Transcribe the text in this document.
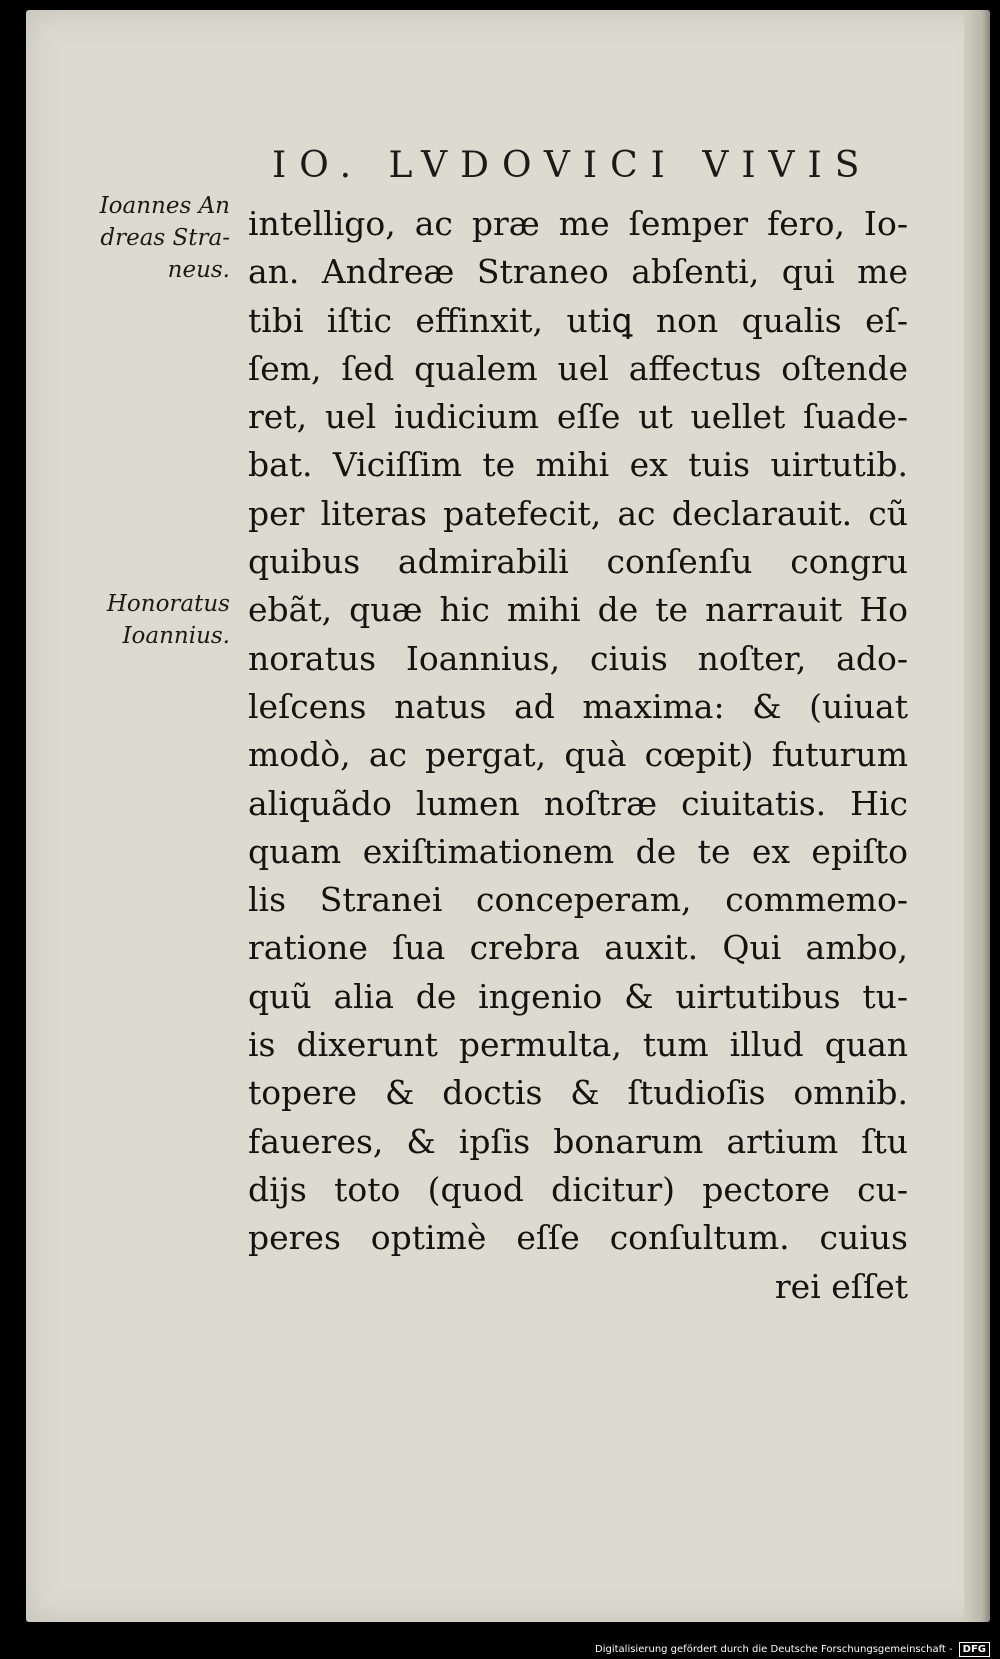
IO. LVDOVICI VIVIS
Ioannes An
dreas Stra-
neus.
Honoratus
Ioannius.
intelligo, ac præ me ſemper fero, Io-
an. Andreæ Straneo abſenti, qui me
tibi iſtic effinxit, utiꝗ non qualis eſ-
ſem, ſed qualem uel affectus oſtende
ret, uel iudicium eſſe ut uellet ſuade-
bat. Viciſſim te mihi ex tuis uirtutib.
per literas patefecit, ac declarauit. cũ
quibus admirabili conſenſu congru
ebãt, quæ hic mihi de te narrauit Ho
noratus Ioannius, ciuis noſter, ado-
leſcens natus ad maxima: & (uiuat
modò, ac pergat, quà cœpit) futurum
aliquãdo lumen noſtræ ciuitatis. Hic
quam exiſtimationem de te ex epiſto
lis Stranei conceperam, commemo-
ratione ſua crebra auxit. Qui ambo,
quũ alia de ingenio & uirtutibus tu-
is dixerunt permulta, tum illud quan
topere & doctis & ſtudioſis omnib.
faueres, & ipſis bonarum artium ſtu
dijs toto (quod dicitur) pectore cu-
peres optimè eſſe conſultum. cuius
rei eſſet
Digitalisierung gefördert durch die Deutsche Forschungsgemeinschaft -	DFG
